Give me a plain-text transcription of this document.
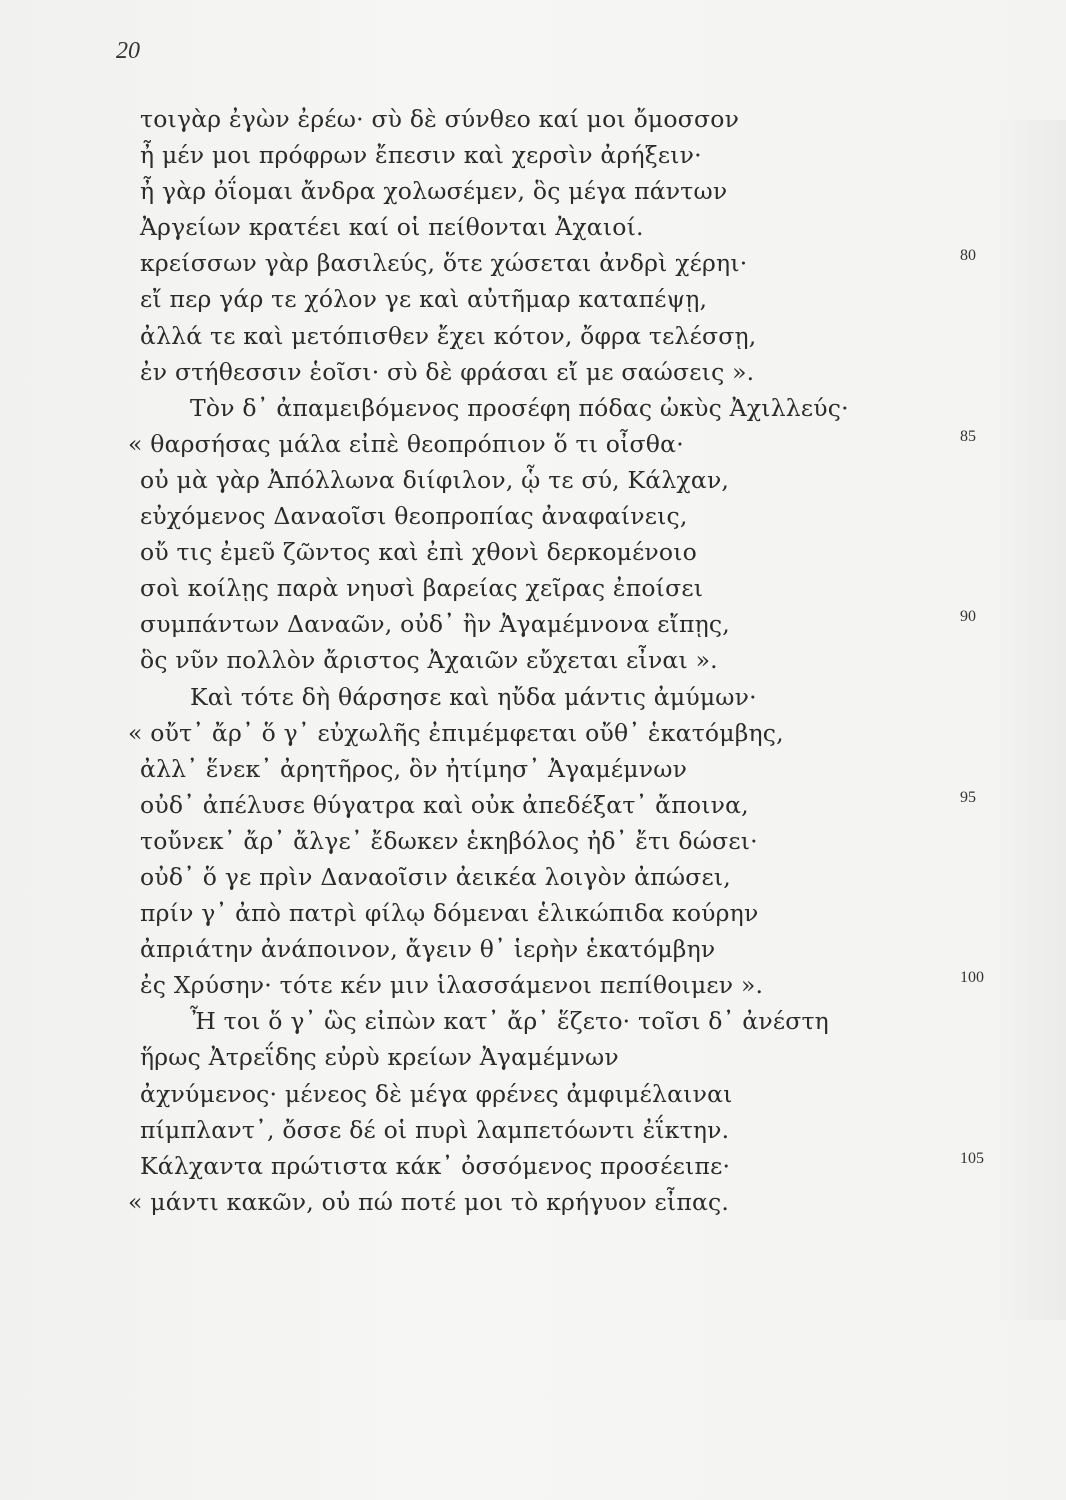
20
τοιγὰρ ἐγὼν ἐρέω· σὺ δὲ σύνθεο καί μοι ὄμοσσον
ἦ μέν μοι πρόφρων ἔπεσιν καὶ χερσὶν ἀρήξειν·
ἦ γὰρ ὀΐομαι ἄνδρα χολωσέμεν, ὃς μέγα πάντων
Ἀργείων κρατέει καί οἱ πείθονται Ἀχαιοί.
κρείσσων γὰρ βασιλεύς, ὅτε χώσεται ἀνδρὶ χέρηι·	80
εἴ περ γάρ τε χόλον γε καὶ αὐτῆμαρ καταπέψῃ,
ἀλλά τε καὶ μετόπισθεν ἔχει κότον, ὄφρα τελέσσῃ,
ἐν στήθεσσιν ἑοῖσι· σὺ δὲ φράσαι εἴ με σαώσεις ».
Τὸν δ᾽ ἀπαμειβόμενος προσέφη πόδας ὠκὺς Ἀχιλλεύς·
« θαρσήσας μάλα εἰπὲ θεοπρόπιον ὅ τι οἶσθα·	85
οὐ μὰ γὰρ Ἀπόλλωνα διίφιλον, ᾧ τε σύ, Κάλχαν,
εὐχόμενος Δαναοῖσι θεοπροπίας ἀναφαίνεις,
οὔ τις ἐμεῦ ζῶντος καὶ ἐπὶ χθονὶ δερκομένοιο
σοὶ κοίλῃς παρὰ νηυσὶ βαρείας χεῖρας ἐποίσει
συμπάντων Δαναῶν, οὐδ᾽ ἢν Ἀγαμέμνονα εἴπῃς,	90
ὃς νῦν πολλὸν ἄριστος Ἀχαιῶν εὔχεται εἶναι ».
Καὶ τότε δὴ θάρσησε καὶ ηὔδα μάντις ἀμύμων·
« οὔτ᾽ ἄρ᾽ ὅ γ᾽ εὐχωλῆς ἐπιμέμφεται οὔθ᾽ ἑκατόμβης,
ἀλλ᾽ ἕνεκ᾽ ἀρητῆρος, ὃν ἠτίμησ᾽ Ἀγαμέμνων
οὐδ᾽ ἀπέλυσε θύγατρα καὶ οὐκ ἀπεδέξατ᾽ ἄποινα,	95
τοὔνεκ᾽ ἄρ᾽ ἄλγε᾽ ἔδωκεν ἑκηβόλος ἠδ᾽ ἔτι δώσει·
οὐδ᾽ ὅ γε πρὶν Δαναοῖσιν ἀεικέα λοιγὸν ἀπώσει,
πρίν γ᾽ ἀπὸ πατρὶ φίλῳ δόμεναι ἑλικώπιδα κούρην
ἀπριάτην ἀνάποινον, ἄγειν θ᾽ ἱερὴν ἑκατόμβην
ἐς Χρύσην· τότε κέν μιν ἱλασσάμενοι πεπίθοιμεν ».	100
Ἦ τοι ὅ γ᾽ ὣς εἰπὼν κατ᾽ ἄρ᾽ ἕζετο· τοῖσι δ᾽ ἀνέστη
ἥρως Ἀτρεΐδης εὐρὺ κρείων Ἀγαμέμνων
ἀχνύμενος· μένεος δὲ μέγα φρένες ἀμφιμέλαιναι
πίμπλαντ᾽, ὄσσε δέ οἱ πυρὶ λαμπετόωντι ἐΐκτην.
Κάλχαντα πρώτιστα κάκ᾽ ὀσσόμενος προσέειπε·	105
« μάντι κακῶν, οὐ πώ ποτέ μοι τὸ κρήγυον εἶπας.
